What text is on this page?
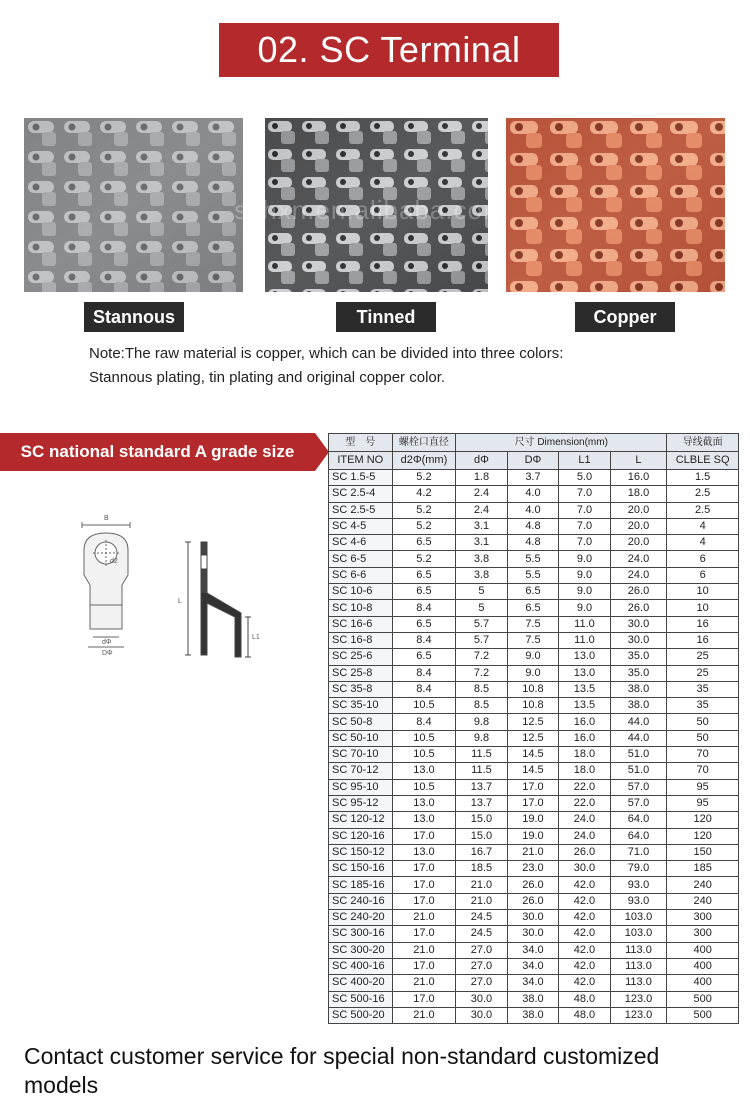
02. SC Terminal
szhxn.en.alibaba.com
Stannous	Tinned	Copper
Note:The raw material is copper, which can be divided into three colors:
Stannous plating, tin plating and original copper color.
SC national standard A grade size
B
dΦ
DΦ
d2
L
L1
型　号	螺栓口直径	尺寸 Dimension(mm)				导线截面
ITEM NO	d2Φ(mm)	dΦ	DΦ	L1	L	CLBLE SQ
SC 1.5-5	5.2	1.8	3.7	5.0	16.0	1.5
SC 2.5-4	4.2	2.4	4.0	7.0	18.0	2.5
SC 2.5-5	5.2	2.4	4.0	7.0	20.0	2.5
SC 4-5	5.2	3.1	4.8	7.0	20.0	4
SC 4-6	6.5	3.1	4.8	7.0	20.0	4
SC 6-5	5.2	3.8	5.5	9.0	24.0	6
SC 6-6	6.5	3.8	5.5	9.0	24.0	6
SC 10-6	6.5	5	6.5	9.0	26.0	10
SC 10-8	8.4	5	6.5	9.0	26.0	10
SC 16-6	6.5	5.7	7.5	11.0	30.0	16
SC 16-8	8.4	5.7	7.5	11.0	30.0	16
SC 25-6	6.5	7.2	9.0	13.0	35.0	25
SC 25-8	8.4	7.2	9.0	13.0	35.0	25
SC 35-8	8.4	8.5	10.8	13.5	38.0	35
SC 35-10	10.5	8.5	10.8	13.5	38.0	35
SC 50-8	8.4	9.8	12.5	16.0	44.0	50
SC 50-10	10.5	9.8	12.5	16.0	44.0	50
SC 70-10	10.5	11.5	14.5	18.0	51.0	70
SC 70-12	13.0	11.5	14.5	18.0	51.0	70
SC 95-10	10.5	13.7	17.0	22.0	57.0	95
SC 95-12	13.0	13.7	17.0	22.0	57.0	95
SC 120-12	13.0	15.0	19.0	24.0	64.0	120
SC 120-16	17.0	15.0	19.0	24.0	64.0	120
SC 150-12	13.0	16.7	21.0	26.0	71.0	150
SC 150-16	17.0	18.5	23.0	30.0	79.0	185
SC 185-16	17.0	21.0	26.0	42.0	93.0	240
SC 240-16	17.0	21.0	26.0	42.0	93.0	240
SC 240-20	21.0	24.5	30.0	42.0	103.0	300
SC 300-16	17.0	24.5	30.0	42.0	103.0	300
SC 300-20	21.0	27.0	34.0	42.0	113.0	400
SC 400-16	17.0	27.0	34.0	42.0	113.0	400
SC 400-20	21.0	27.0	34.0	42.0	113.0	400
SC 500-16	17.0	30.0	38.0	48.0	123.0	500
SC 500-20	21.0	30.0	38.0	48.0	123.0	500
Contact customer service for special non-standard customized models
